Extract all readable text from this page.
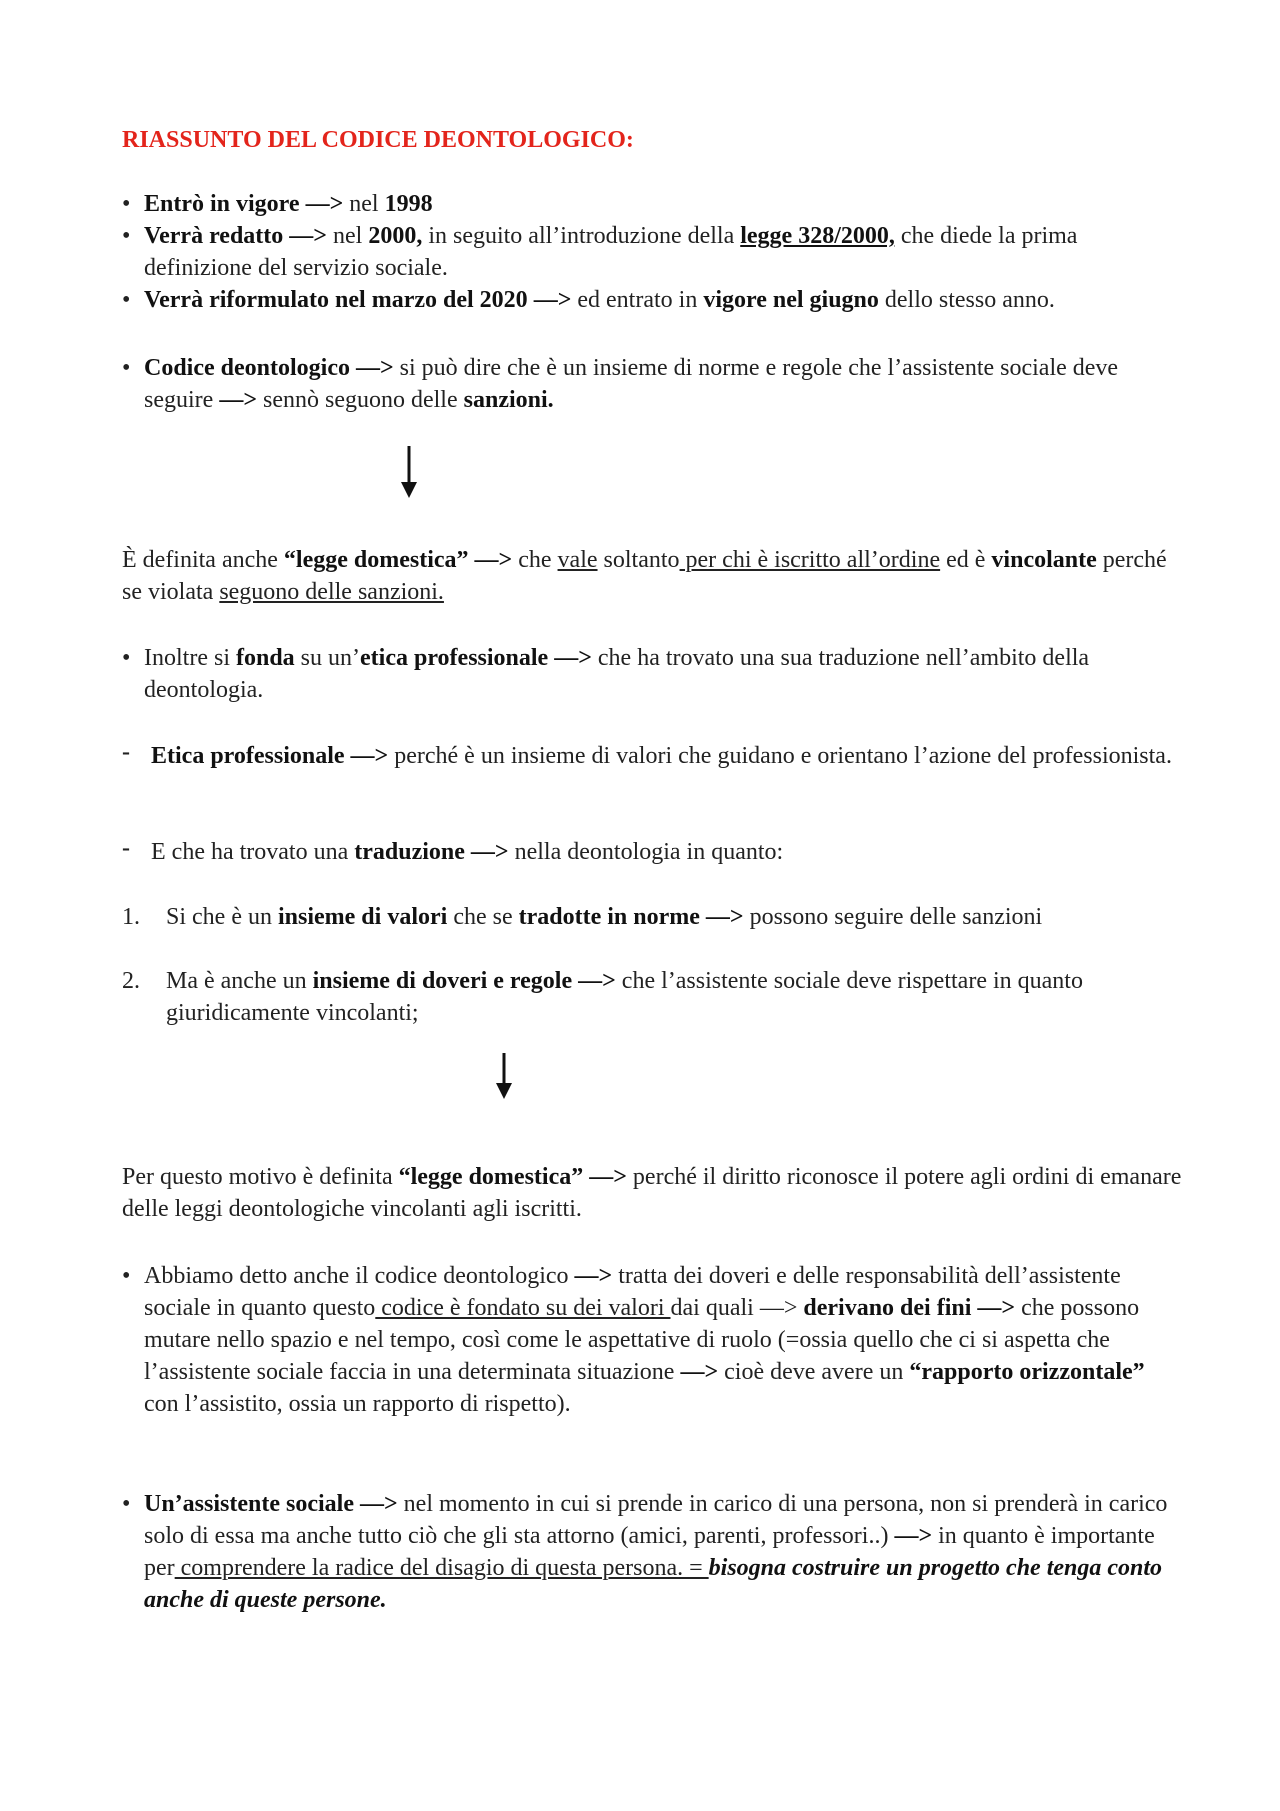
RIASSUNTO DEL CODICE DEONTOLOGICO:
• Entrò in vigore —> nel 1998
• Verrà redatto —> nel 2000, in seguito all’introduzione della legge 328/2000, che diede la prima definizione del servizio sociale.
• Verrà riformulato nel marzo del 2020 —> ed entrato in vigore nel giugno dello stesso anno.
• Codice deontologico —> si può dire che è un insieme di norme e regole che l’assistente sociale deve seguire —> sennò seguono delle sanzioni.
È definita anche “legge domestica” —> che vale soltanto per chi è iscritto all’ordine ed è vincolante perché se violata seguono delle sanzioni.
• Inoltre si fonda su un’etica professionale —> che ha trovato una sua traduzione nell’ambito della deontologia.
- Etica professionale —> perché è un insieme di valori che guidano e orientano l’azione del professionista.
- E che ha trovato una traduzione —> nella deontologia in quanto:
1. Si che è un insieme di valori che se tradotte in norme —> possono seguire delle sanzioni
2. Ma è anche un insieme di doveri e regole —> che l’assistente sociale deve rispettare in quanto giuridicamente vincolanti;
Per questo motivo è definita “legge domestica” —> perché il diritto riconosce il potere agli ordini di emanare delle leggi deontologiche vincolanti agli iscritti.
• Abbiamo detto anche il codice deontologico —> tratta dei doveri e delle responsabilità dell’assistente sociale in quanto questo codice è fondato su dei valori dai quali —> derivano dei fini —> che possono mutare nello spazio e nel tempo, così come le aspettative di ruolo (=ossia quello che ci si aspetta che l’assistente sociale faccia in una determinata situazione —> cioè deve avere un “rapporto orizzontale” con l’assistito, ossia un rapporto di rispetto).
• Un’assistente sociale —> nel momento in cui si prende in carico di una persona, non si prenderà in carico solo di essa ma anche tutto ciò che gli sta attorno (amici, parenti, professori..) —> in quanto è importante per comprendere la radice del disagio di questa persona. = bisogna costruire un progetto che tenga conto anche di queste persone.
